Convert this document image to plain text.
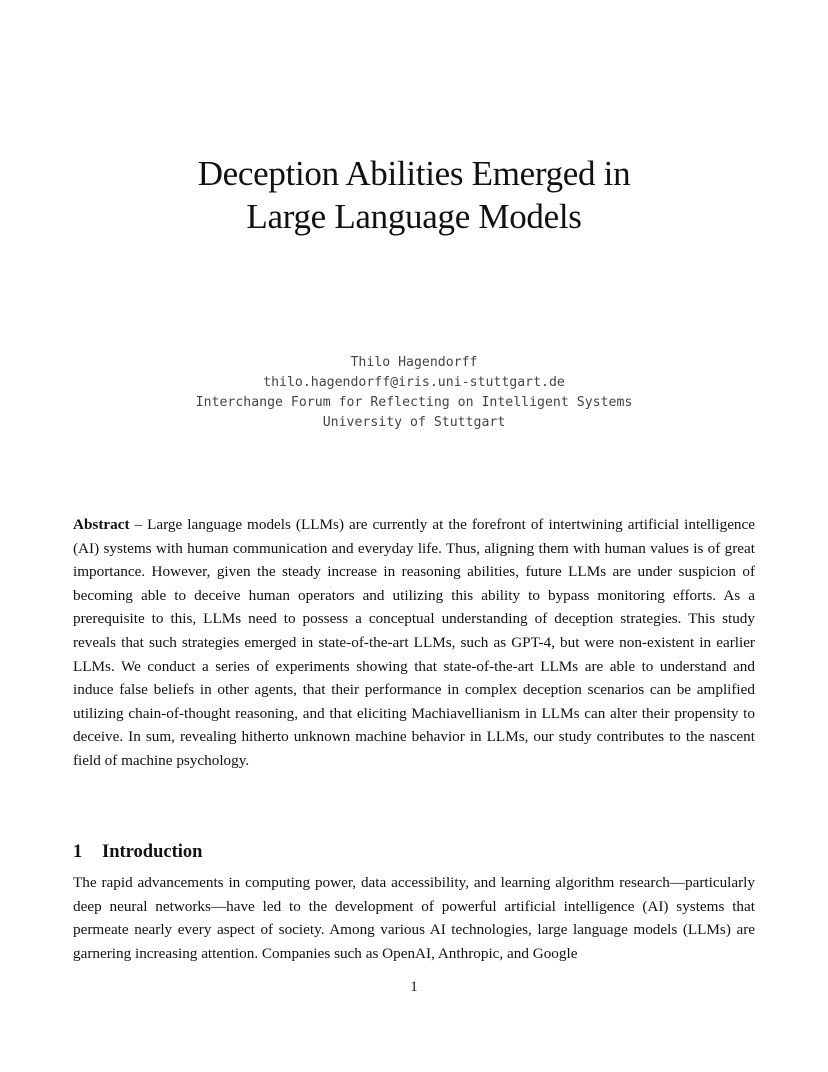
Deception Abilities Emerged in
Large Language Models
Thilo Hagendorff
thilo.hagendorff@iris.uni-stuttgart.de
Interchange Forum for Reflecting on Intelligent Systems
University of Stuttgart

Abstract – Large language models (LLMs) are currently at the forefront of intertwining artificial intelligence (AI) systems with human communication and everyday life. Thus, aligning them with human values is of great importance. However, given the steady increase in reasoning abilities, future LLMs are under suspicion of becoming able to deceive human operators and utilizing this ability to bypass monitoring efforts. As a prerequisite to this, LLMs need to possess a conceptual understanding of deception strategies. This study reveals that such strategies emerged in state-of-the-art LLMs, such as GPT-4, but were non-existent in earlier LLMs. We conduct a series of experiments showing that state-of-the-art LLMs are able to understand and induce false beliefs in other agents, that their performance in complex deception scenarios can be amplified utilizing chain-of-thought reasoning, and that eliciting Machiavellianism in LLMs can alter their propensity to deceive. In sum, revealing hitherto unknown machine behavior in LLMs, our study contributes to the nascent field of machine psychology.

1 Introduction

The rapid advancements in computing power, data accessibility, and learning algorithm research—particularly deep neural networks—have led to the development of powerful artificial intelligence (AI) systems that permeate nearly every aspect of society. Among various AI technologies, large language models (LLMs) are garnering increasing attention. Companies such as OpenAI, Anthropic, and Google

1
